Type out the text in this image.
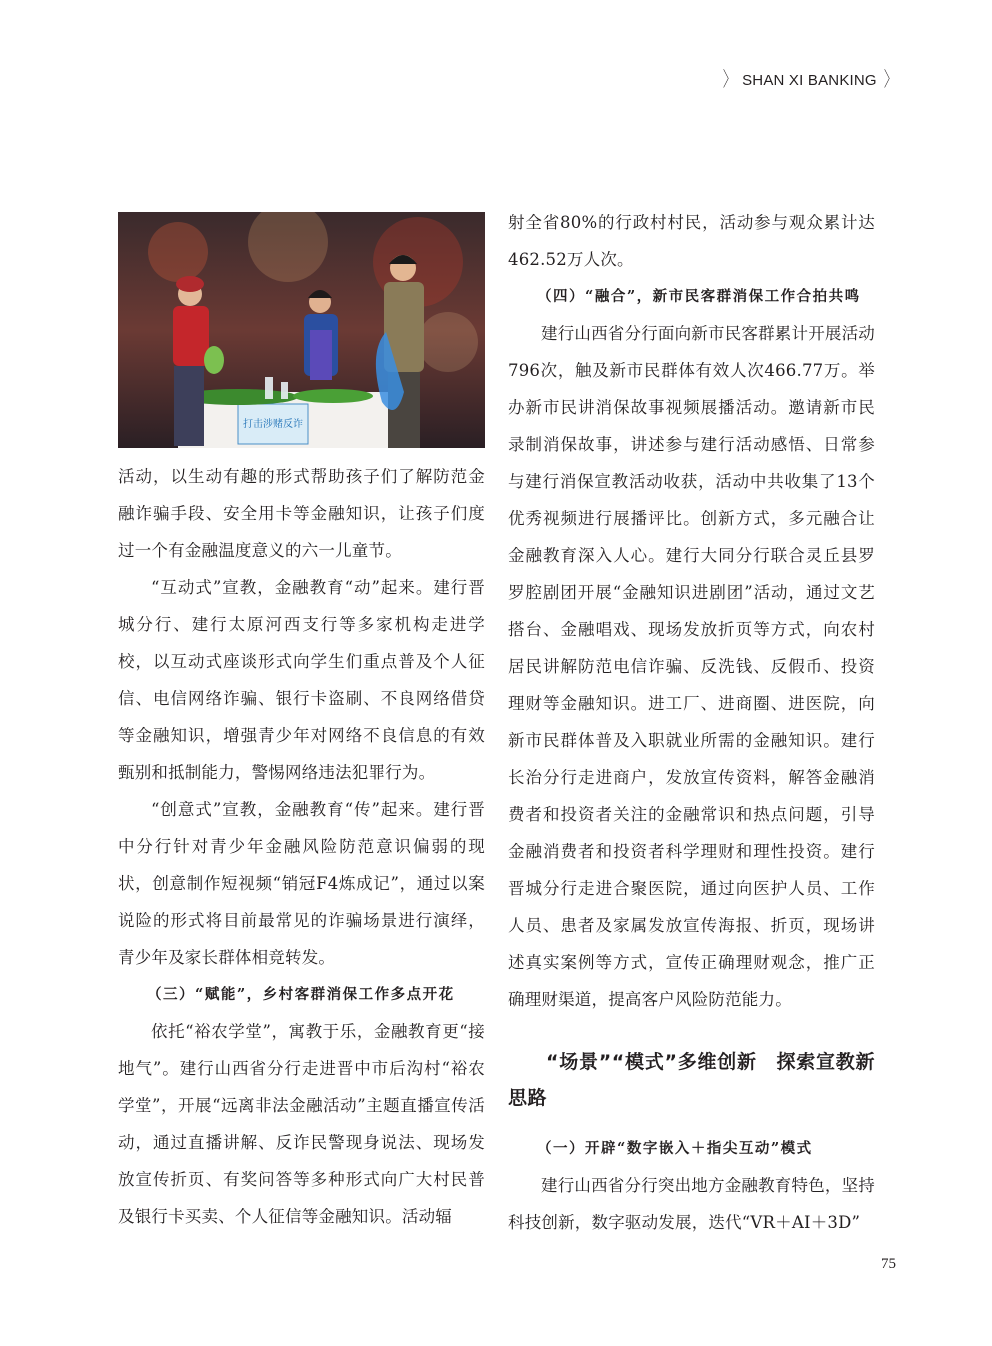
〉 SHAN XI BANKING 〉
打击涉赌反诈

活动，以生动有趣的形式帮助孩子们了解防范金融诈骗手段、安全用卡等金融知识，让孩子们度过一个有金融温度意义的六一儿童节。

“互动式”宣教，金融教育“动”起来。建行晋城分行、建行太原河西支行等多家机构走进学校，以互动式座谈形式向学生们重点普及个人征信、电信网络诈骗、银行卡盗刷、不良网络借贷等金融知识，增强青少年对网络不良信息的有效甄别和抵制能力，警惕网络违法犯罪行为。

“创意式”宣教，金融教育“传”起来。建行晋中分行针对青少年金融风险防范意识偏弱的现状，创意制作短视频“销冠F4炼成记”，通过以案说险的形式将目前最常见的诈骗场景进行演绎，青少年及家长群体相竞转发。

（三）“赋能”，乡村客群消保工作多点开花

依托“裕农学堂”，寓教于乐，金融教育更“接地气”。建行山西省分行走进晋中市后沟村“裕农学堂”，开展“远离非法金融活动”主题直播宣传活动，通过直播讲解、反诈民警现身说法、现场发放宣传折页、有奖问答等多种形式向广大村民普及银行卡买卖、个人征信等金融知识。活动辐

射全省80%的行政村村民，活动参与观众累计达462.52万人次。

（四）“融合”，新市民客群消保工作合拍共鸣

建行山西省分行面向新市民客群累计开展活动796次，触及新市民群体有效人次466.77万。举办新市民讲消保故事视频展播活动。邀请新市民录制消保故事，讲述参与建行活动感悟、日常参与建行消保宣教活动收获，活动中共收集了13个优秀视频进行展播评比。创新方式，多元融合让金融教育深入人心。建行大同分行联合灵丘县罗罗腔剧团开展“金融知识进剧团”活动，通过文艺搭台、金融唱戏、现场发放折页等方式，向农村居民讲解防范电信诈骗、反洗钱、反假币、投资理财等金融知识。进工厂、进商圈、进医院，向新市民群体普及入职就业所需的金融知识。建行长治分行走进商户，发放宣传资料，解答金融消费者和投资者关注的金融常识和热点问题，引导金融消费者和投资者科学理财和理性投资。建行晋城分行走进合聚医院，通过向医护人员、工作人员、患者及家属发放宣传海报、折页，现场讲述真实案例等方式，宣传正确理财观念，推广正确理财渠道，提高客户风险防范能力。

“场景”“模式”多维创新　探索宣教新思路

（一）开辟“数字嵌入＋指尖互动”模式

建行山西省分行突出地方金融教育特色，坚持科技创新，数字驱动发展，迭代“VR＋AI＋3D”

75
